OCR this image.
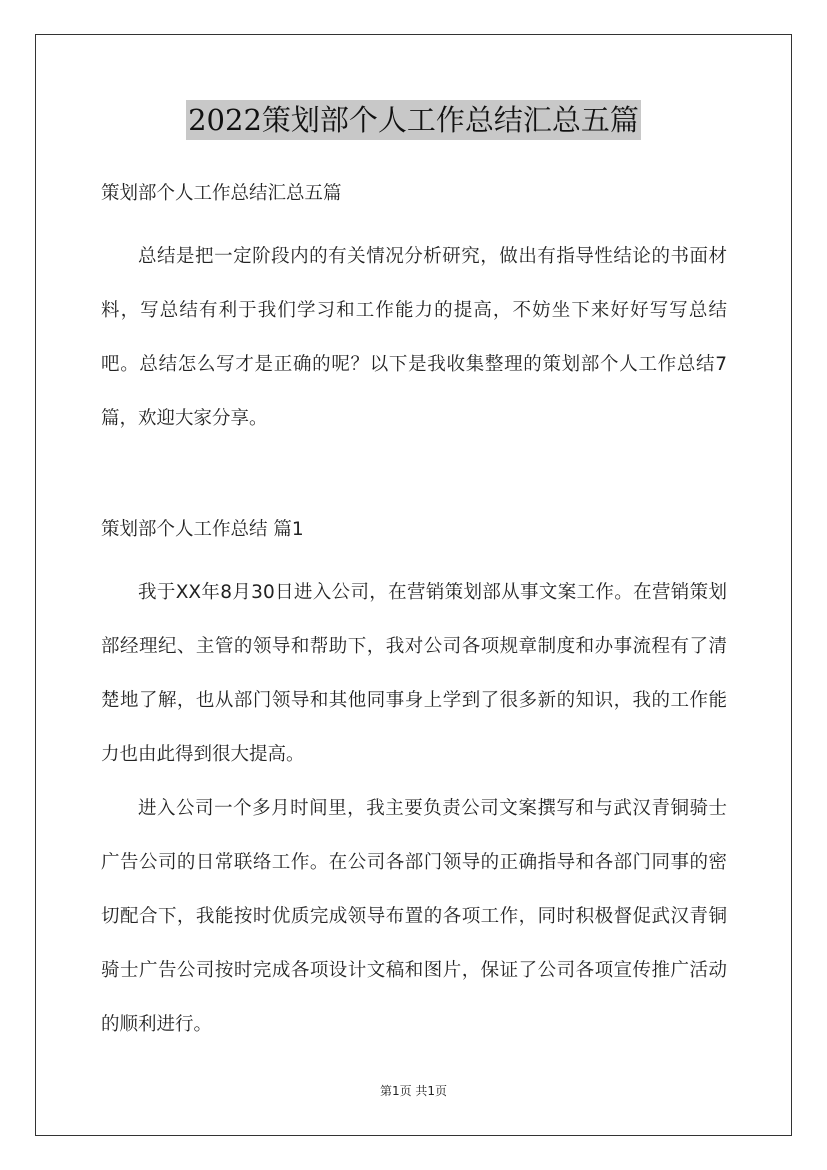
2022策划部个人工作总结汇总五篇

策划部个人工作总结汇总五篇

总结是把一定阶段内的有关情况分析研究，做出有指导性结论的书面材料，写总结有利于我们学习和工作能力的提高，不妨坐下来好好写写总结吧。总结怎么写才是正确的呢？以下是我收集整理的策划部个人工作总结7篇，欢迎大家分享。

策划部个人工作总结 篇1

我于XX年8月30日进入公司，在营销策划部从事文案工作。在营销策划部经理纪、主管的领导和帮助下，我对公司各项规章制度和办事流程有了清楚地了解，也从部门领导和其他同事身上学到了很多新的知识，我的工作能力也由此得到很大提高。

进入公司一个多月时间里，我主要负责公司文案撰写和与武汉青铜骑士广告公司的日常联络工作。在公司各部门领导的正确指导和各部门同事的密切配合下，我能按时优质完成领导布置的各项工作，同时积极督促武汉青铜骑士广告公司按时完成各项设计文稿和图片，保证了公司各项宣传推广活动的顺利进行。

第1页 共1页
